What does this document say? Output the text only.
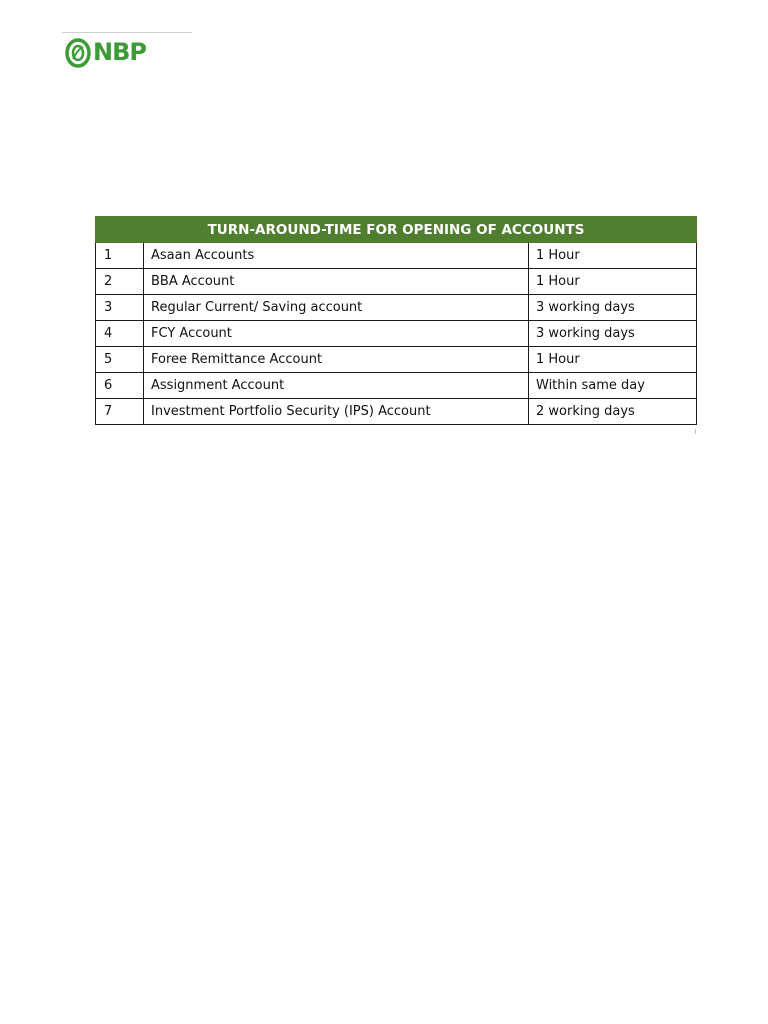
NBP
TURN-AROUND-TIME FOR OPENING OF ACCOUNTS		
1	Asaan Accounts	1 Hour
2	BBA Account	1 Hour
3	Regular Current/ Saving account	3 working days
4	FCY Account	3 working days
5	Foree Remittance Account	1 Hour
6	Assignment Account	Within same day
7	Investment Portfolio Security (IPS) Account	2 working days
